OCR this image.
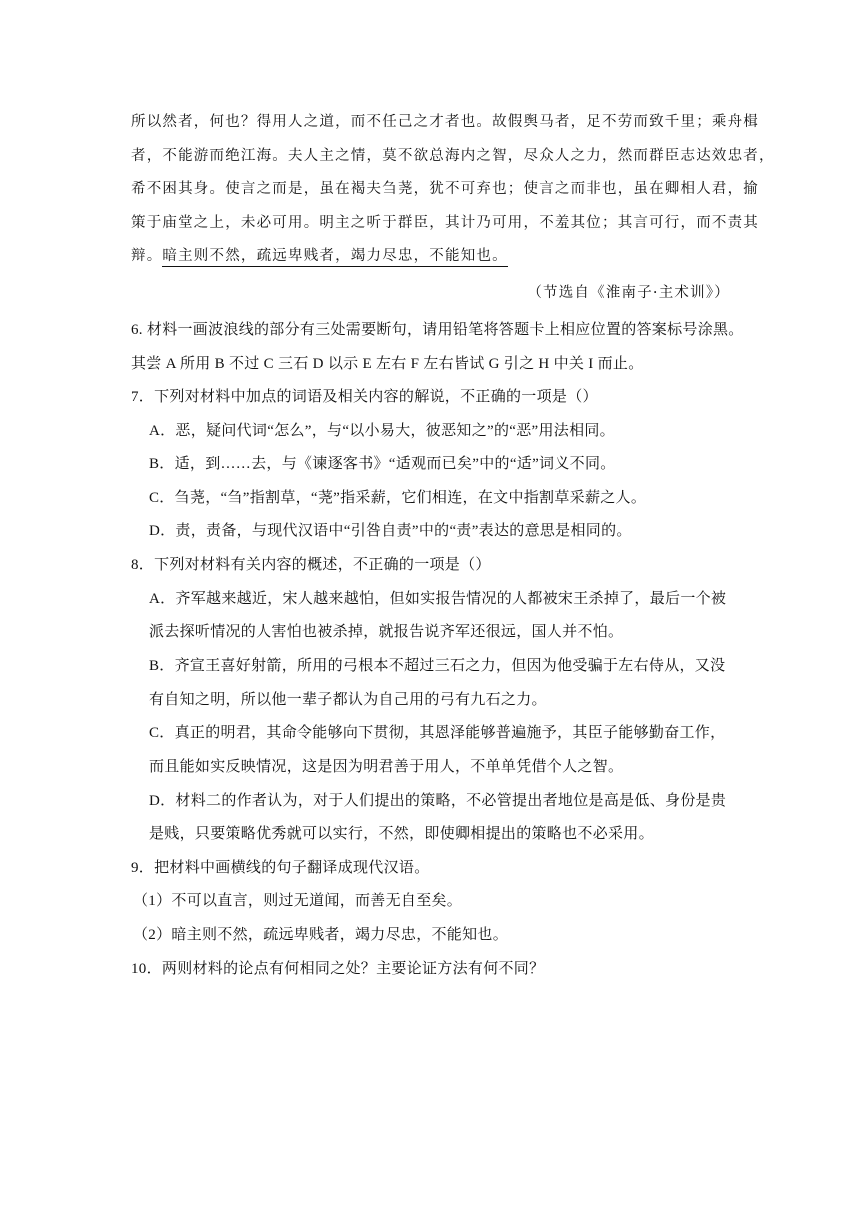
所以然者，何也？得用人之道，而不任己之才者也。故假舆马者，足不劳而致千里；乘舟楫
者，不能游而绝江海。夫人主之情，莫不欲总海内之智，尽众人之力，然而群臣志达效忠者，
希不困其身。使言之而是，虽在褐夫刍荛，犹不可弃也；使言之而非也，虽在卿相人君，揄
策于庙堂之上，未必可用。明主之听于群臣，其计乃可用，不羞其位；其言可行，而不责其
辩。暗主则不然，疏远卑贱者，竭力尽忠，不能知也。
（节选自《淮南子·主术训》）
6. 材料一画波浪线的部分有三处需要断句，请用铅笔将答题卡上相应位置的答案标号涂黑。
其尝 A 所用 B 不过 C 三石 D 以示 E 左右 F 左右皆试 G 引之 H 中关 I 而止。
7．下列对材料中加点的词语及相关内容的解说，不正确的一项是（）
A．恶，疑问代词“怎么”，与“以小易大，彼恶知之”的“恶”用法相同。
B．适，到……去，与《谏逐客书》“适观而已矣”中的“适”词义不同。
C．刍荛，“刍”指割草，“荛”指采薪，它们相连，在文中指割草采薪之人。
D．责，责备，与现代汉语中“引咎自责”中的“责”表达的意思是相同的。
8．下列对材料有关内容的概述，不正确的一项是（）
A．齐军越来越近，宋人越来越怕，但如实报告情况的人都被宋王杀掉了，最后一个被
派去探听情况的人害怕也被杀掉，就报告说齐军还很远，国人并不怕。
B．齐宣王喜好射箭，所用的弓根本不超过三石之力，但因为他受骗于左右侍从，又没
有自知之明，所以他一辈子都认为自己用的弓有九石之力。
C．真正的明君，其命令能够向下贯彻，其恩泽能够普遍施予，其臣子能够勤奋工作，
而且能如实反映情况，这是因为明君善于用人，不单单凭借个人之智。
D．材料二的作者认为，对于人们提出的策略，不必管提出者地位是高是低、身份是贵
是贱，只要策略优秀就可以实行，不然，即使卿相提出的策略也不必采用。
9．把材料中画横线的句子翻译成现代汉语。
（1）不可以直言，则过无道闻，而善无自至矣。
（2）暗主则不然，疏远卑贱者，竭力尽忠，不能知也。
10．两则材料的论点有何相同之处？主要论证方法有何不同？
